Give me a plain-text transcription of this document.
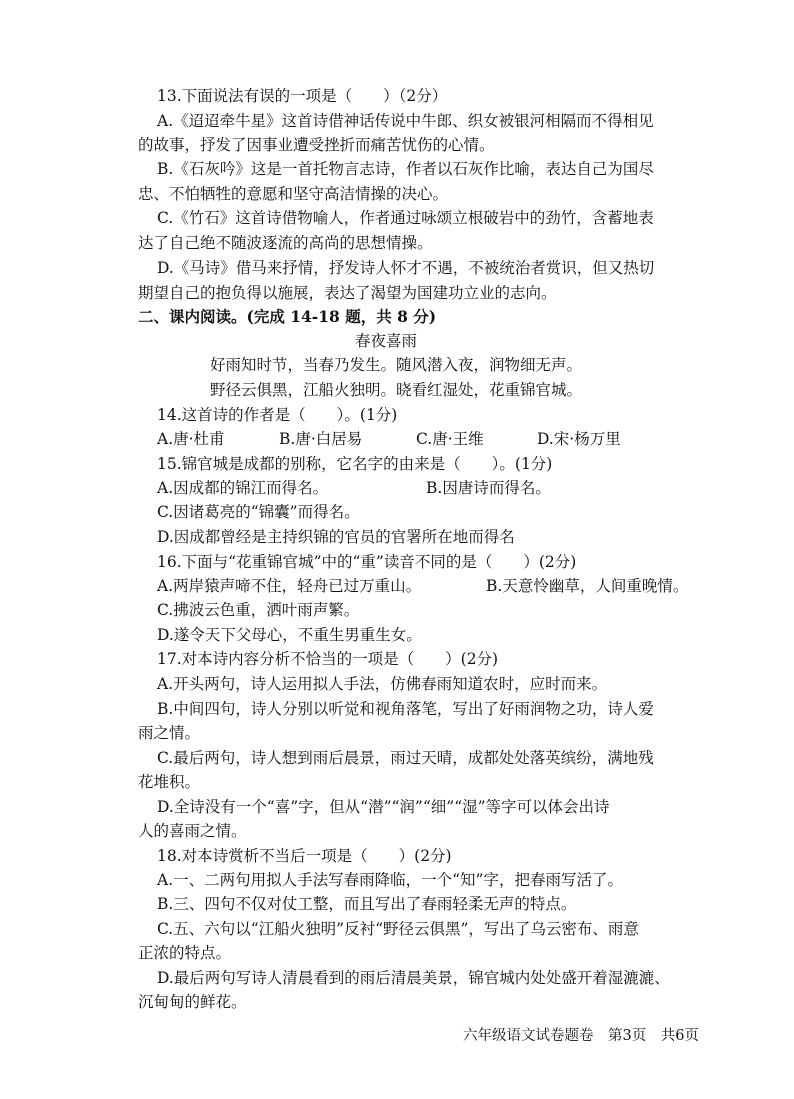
13.下面说法有误的一项是（　　）（2分）
A.《迢迢牵牛星》这首诗借神话传说中牛郎、织女被银河相隔而不得相见
的故事，抒发了因事业遭受挫折而痛苦忧伤的心情。
B.《石灰吟》这是一首托物言志诗，作者以石灰作比喻，表达自己为国尽
忠、不怕牺牲的意愿和坚守高洁情操的决心。
C.《竹石》这首诗借物喻人，作者通过咏颂立根破岩中的劲竹，含蓄地表
达了自己绝不随波逐流的高尚的思想情操。
D.《马诗》借马来抒情，抒发诗人怀才不遇，不被统治者赏识，但又热切
期望自己的抱负得以施展，表达了渴望为国建功立业的志向。
二、课内阅读。(完成 14-18 题，共 8 分)
春夜喜雨
好雨知时节，当春乃发生。随风潜入夜，润物细无声。
野径云俱黑，江船火独明。晓看红湿处，花重锦官城。
14.这首诗的作者是（　　）。(1分)
A.唐·杜甫	B.唐·白居易	C.唐·王维	D.宋·杨万里
15.锦官城是成都的别称，它名字的由来是（　　）。(1分)
A.因成都的锦江而得名。	B.因唐诗而得名。
C.因诸葛亮的“锦囊”而得名。
D.因成都曾经是主持织锦的官员的官署所在地而得名
16.下面与“花重锦官城”中的“重”读音不同的是（　　）(2分)
A.两岸猿声啼不住，轻舟已过万重山。	B.天意怜幽草，人间重晚情。
C.拂波云色重，洒叶雨声繁。
D.遂令天下父母心，不重生男重生女。
17.对本诗内容分析不恰当的一项是（　　）(2分)
A.开头两句，诗人运用拟人手法，仿佛春雨知道农时，应时而来。
B.中间四句，诗人分别以听觉和视角落笔，写出了好雨润物之功，诗人爱
雨之情。
C.最后两句，诗人想到雨后晨景，雨过天晴，成都处处落英缤纷，满地残
花堆积。
D.全诗没有一个“喜”字，但从“潜”“润”“细”“湿”等字可以体会出诗
人的喜雨之情。
18.对本诗赏析不当后一项是（　　）(2分)
A.一、二两句用拟人手法写春雨降临，一个“知”字，把春雨写活了。
B.三、四句不仅对仗工整，而且写出了春雨轻柔无声的特点。
C.五、六句以“江船火独明”反衬“野径云俱黑”，写出了乌云密布、雨意
正浓的特点。
D.最后两句写诗人清晨看到的雨后清晨美景，锦官城内处处盛开着湿漉漉、
沉甸甸的鲜花。
六年级语文试卷题卷　第3页　共6页
